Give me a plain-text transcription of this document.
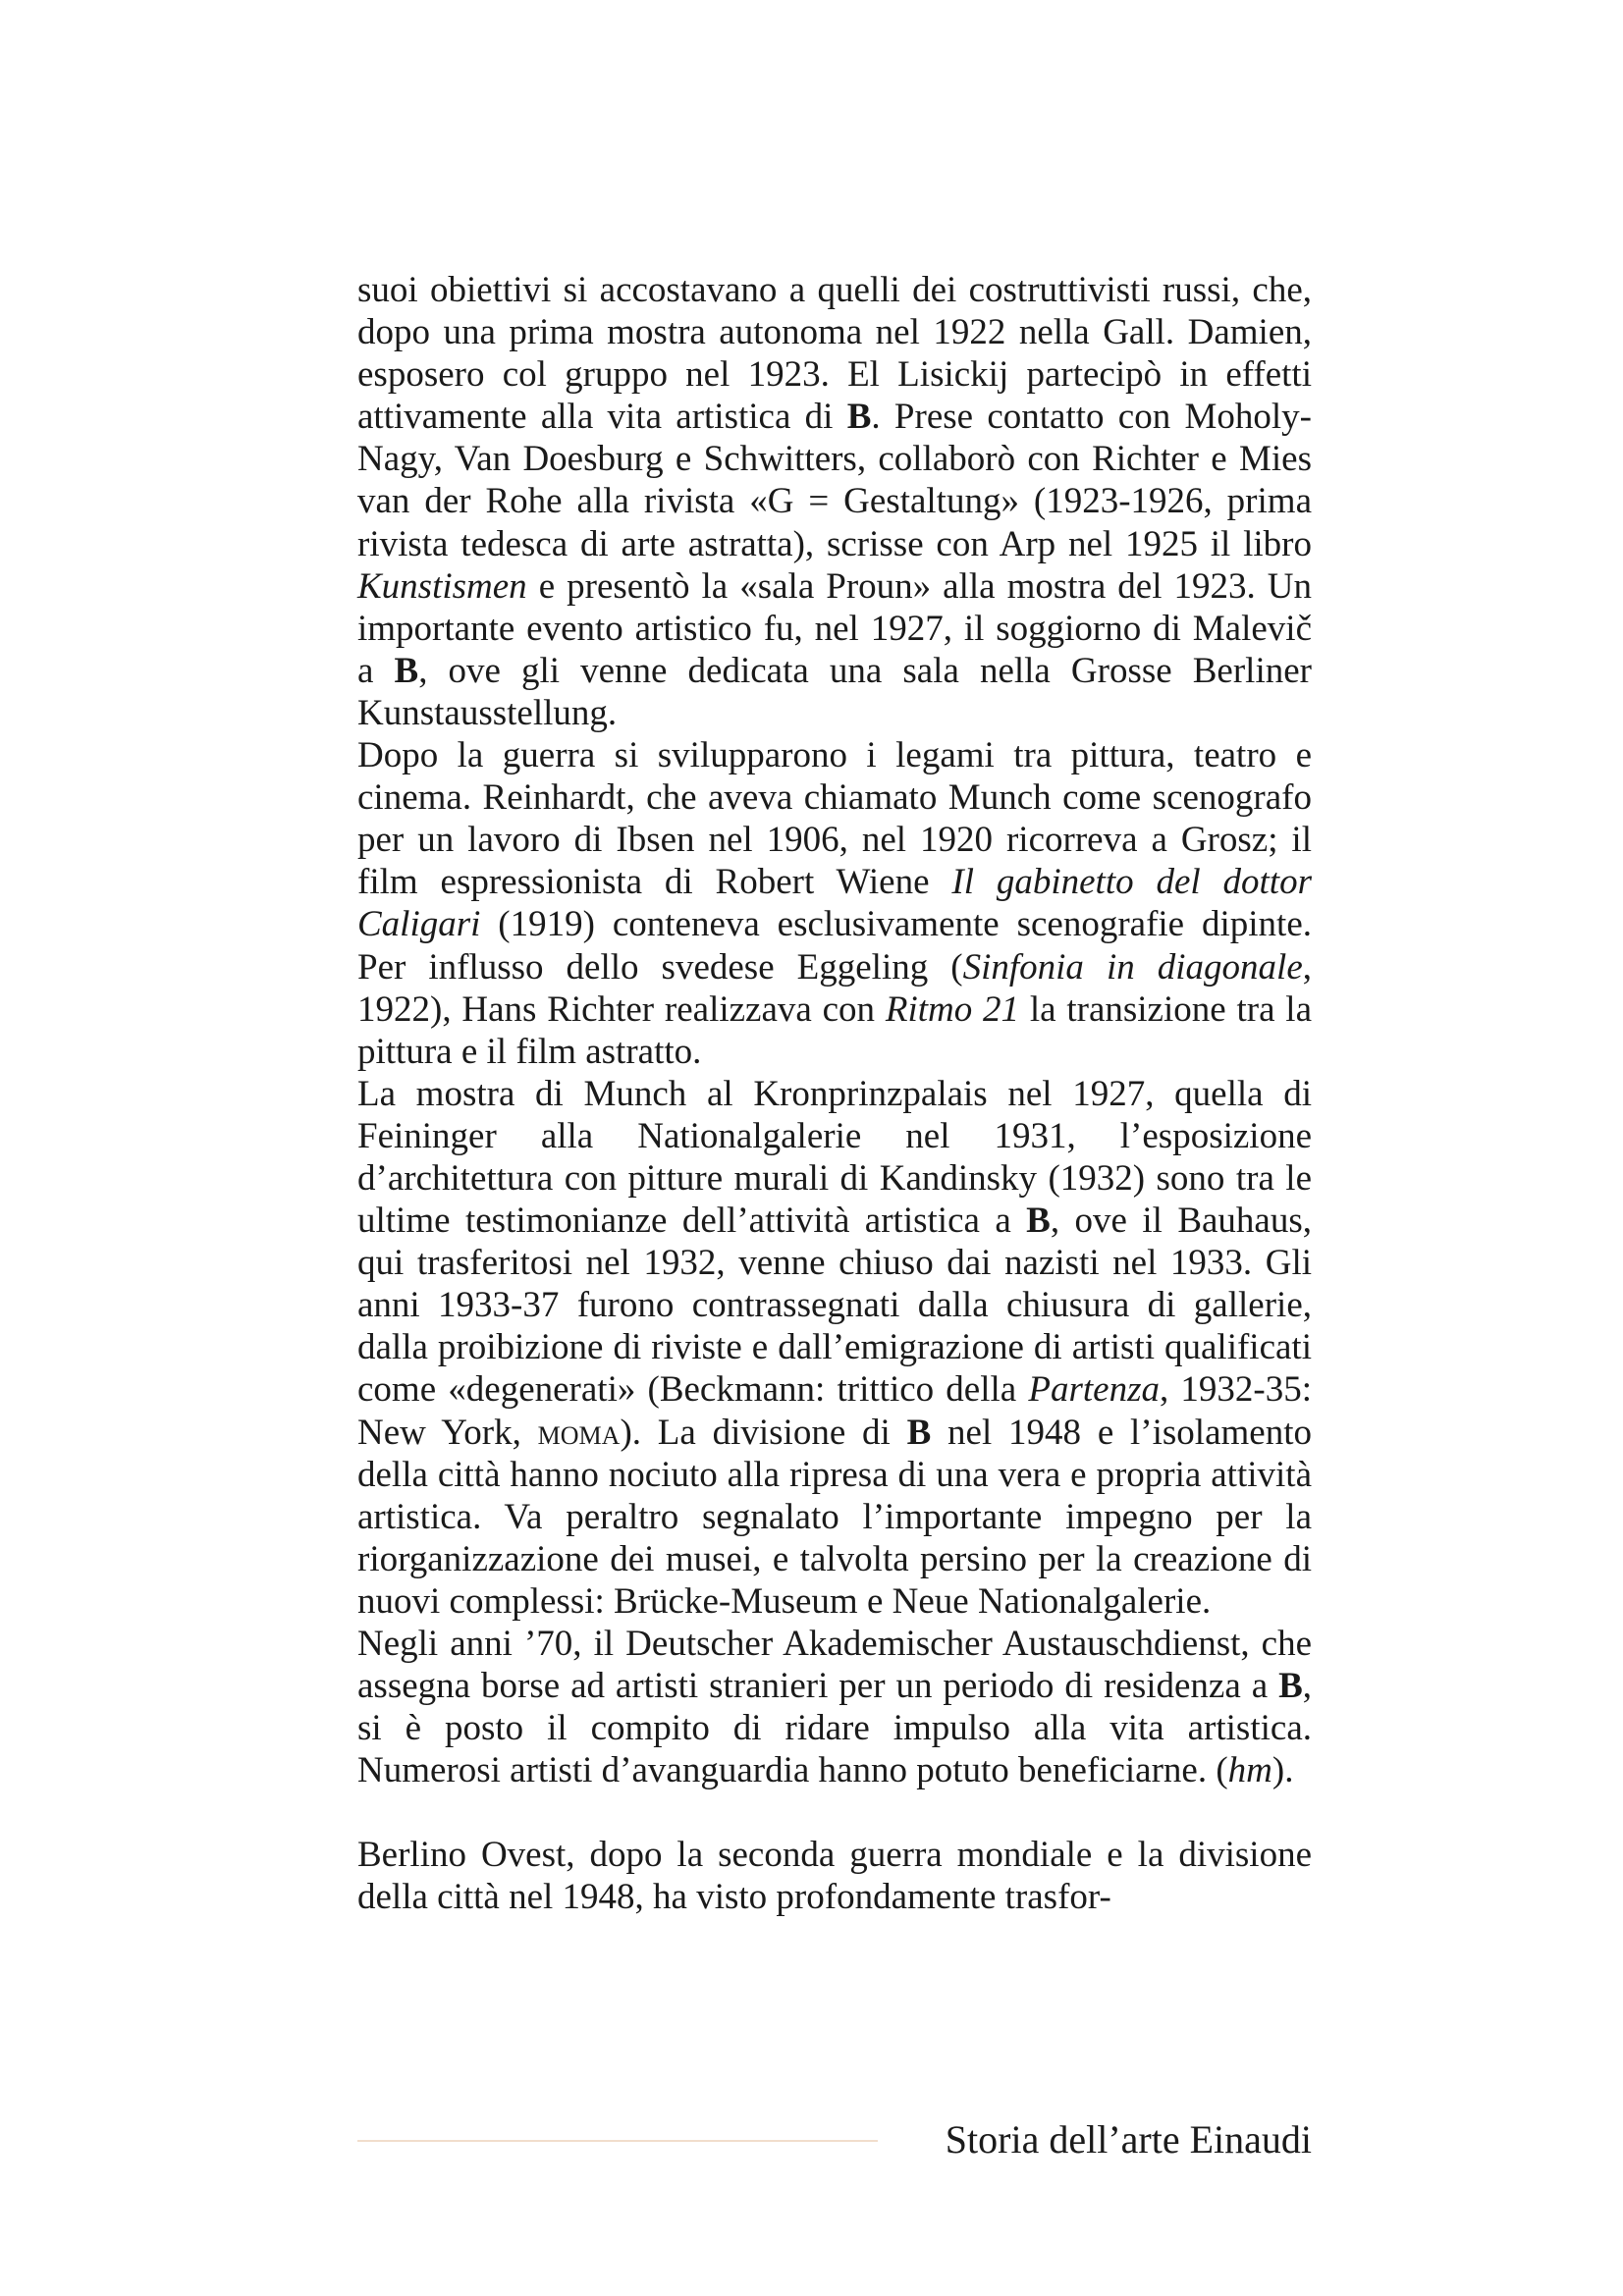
suoi obiettivi si accostavano a quelli dei costruttivisti russi, che, dopo una prima mostra autonoma nel 1922 nella Gall. Damien, esposero col gruppo nel 1923. El Lisickij partecipò in effetti attivamente alla vita artistica di B. Prese contatto con Moholy-Nagy, Van Doesburg e Schwitters, collaborò con Richter e Mies van der Rohe alla rivista «G = Gestaltung» (1923-1926, prima rivista tedesca di arte astratta), scrisse con Arp nel 1925 il libro Kunstismen e presentò la «sala Proun» alla mostra del 1923. Un importante evento artistico fu, nel 1927, il soggiorno di Malevič a B, ove gli venne dedicata una sala nella Grosse Berliner Kunstausstellung.

Dopo la guerra si svilupparono i legami tra pittura, teatro e cinema. Reinhardt, che aveva chiamato Munch come scenografo per un lavoro di Ibsen nel 1906, nel 1920 ricorreva a Grosz; il film espressionista di Robert Wiene Il gabinetto del dottor Caligari (1919) conteneva esclusivamente scenografie dipinte. Per influsso dello svedese Eggeling (Sinfonia in diagonale, 1922), Hans Richter realizzava con Ritmo 21 la transizione tra la pittura e il film astratto.

La mostra di Munch al Kronprinzpalais nel 1927, quella di Feininger alla Nationalgalerie nel 1931, l’esposizione d’architettura con pitture murali di Kandinsky (1932) sono tra le ultime testimonianze dell’attività artistica a B, ove il Bauhaus, qui trasferitosi nel 1932, venne chiuso dai nazisti nel 1933. Gli anni 1933-37 furono contrassegnati dalla chiusura di gallerie, dalla proibizione di riviste e dall’emigrazione di artisti qualificati come «degenerati» (Beckmann: trittico della Partenza, 1932-35: New York, moma). La divisione di B nel 1948 e l’isolamento della città hanno nociuto alla ripresa di una vera e propria attività artistica. Va peraltro segnalato l’importante impegno per la riorganizzazione dei musei, e talvolta persino per la creazione di nuovi complessi: Brücke-Museum e Neue Nationalgalerie.

Negli anni ’70, il Deutscher Akademischer Austauschdienst, che assegna borse ad artisti stranieri per un periodo di residenza a B, si è posto il compito di ridare impulso alla vita artistica. Numerosi artisti d’avanguardia hanno potuto beneficiarne. (hm).

Berlino Ovest, dopo la seconda guerra mondiale e la divisione della città nel 1948, ha visto profondamente trasfor-

Storia dell’arte Einaudi
